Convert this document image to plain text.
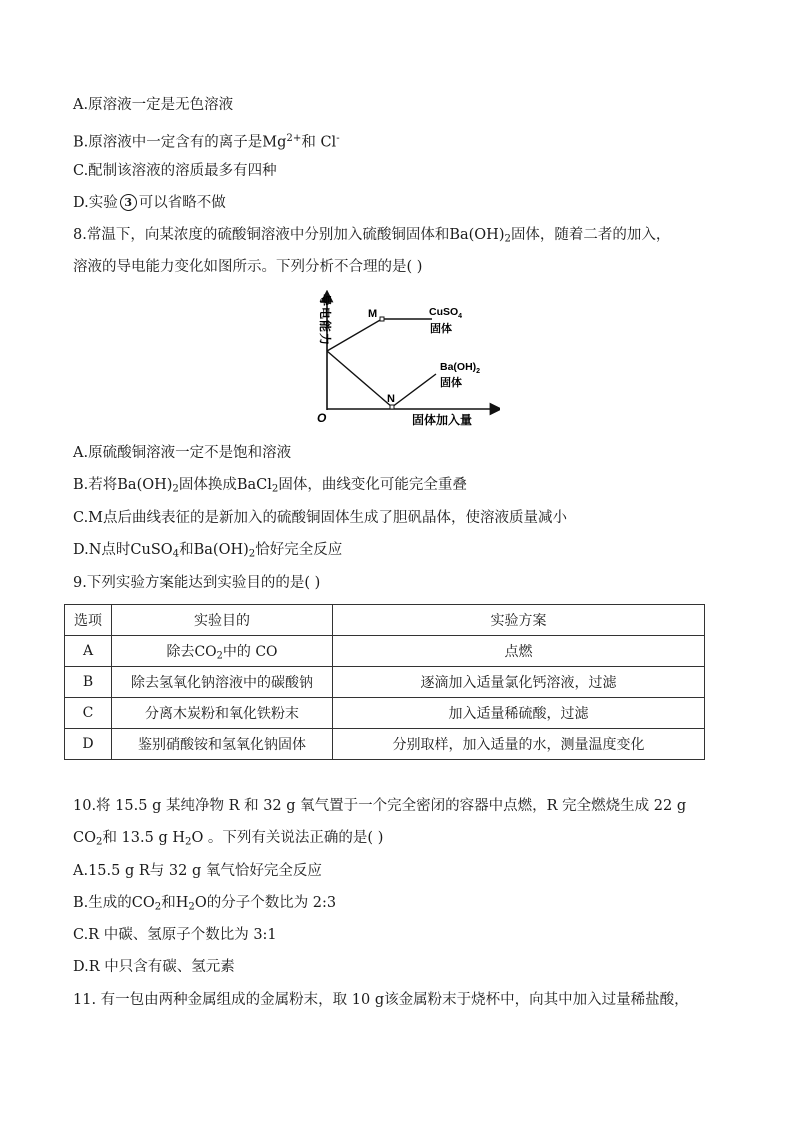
A.原溶液一定是无色溶液
B.原溶液中一定含有的离子是$Mg^{2+}$和 Cl-
C.配制该溶液的溶质最多有四种
D.实验 3 可以省略不做
8.常温下，向某浓度的硫酸铜溶液中分别加入硫酸铜固体和$Ba(OH)_2$固体，随着二者的加入，
溶液的导电能力变化如图所示。下列分析不合理的是( )
导电能力
O	固体加入量
M
N
CuSO$_4$
固体
$Ba(OH)_2$
固体
A.原硫酸铜溶液一定不是饱和溶液
B.若将$Ba(OH)_2$固体换成BaCl$_2$固体，曲线变化可能完全重叠
C.M点后曲线表征的是新加入的硫酸铜固体生成了胆矾晶体，使溶液质量减小
D.N点时CuSO$_4$和$Ba(OH)_2$恰好完全反应
9.下列实验方案能达到实验目的的是( )
选项	实验目的	实验方案
A	除去$CO_2$中的 CO	点燃
B	除去氢氧化钠溶液中的碳酸钠	逐滴加入适量氯化钙溶液，过滤
C	分离木炭粉和氧化铁粉末	加入适量稀硫酸，过滤
D	鉴别硝酸铵和氢氧化钠固体	分别取样，加入适量的水，测量温度变化
10.将 15.5 g 某纯净物 R 和 32 g 氧气置于一个完全密闭的容器中点燃，R 完全燃烧生成 22 g
$CO_2$和 13.5 g $H_2O$ 。下列有关说法正确的是( )
A.15.5 g R与 32 g 氧气恰好完全反应
B.生成的$CO_2$和$H_2O$的分子个数比为 2:3
C.R 中碳、氢原子个数比为 3:1
D.R 中只含有碳、氢元素
11. 有一包由两种金属组成的金属粉末，取 10 g该金属粉末于烧杯中，向其中加入过量稀盐酸，
